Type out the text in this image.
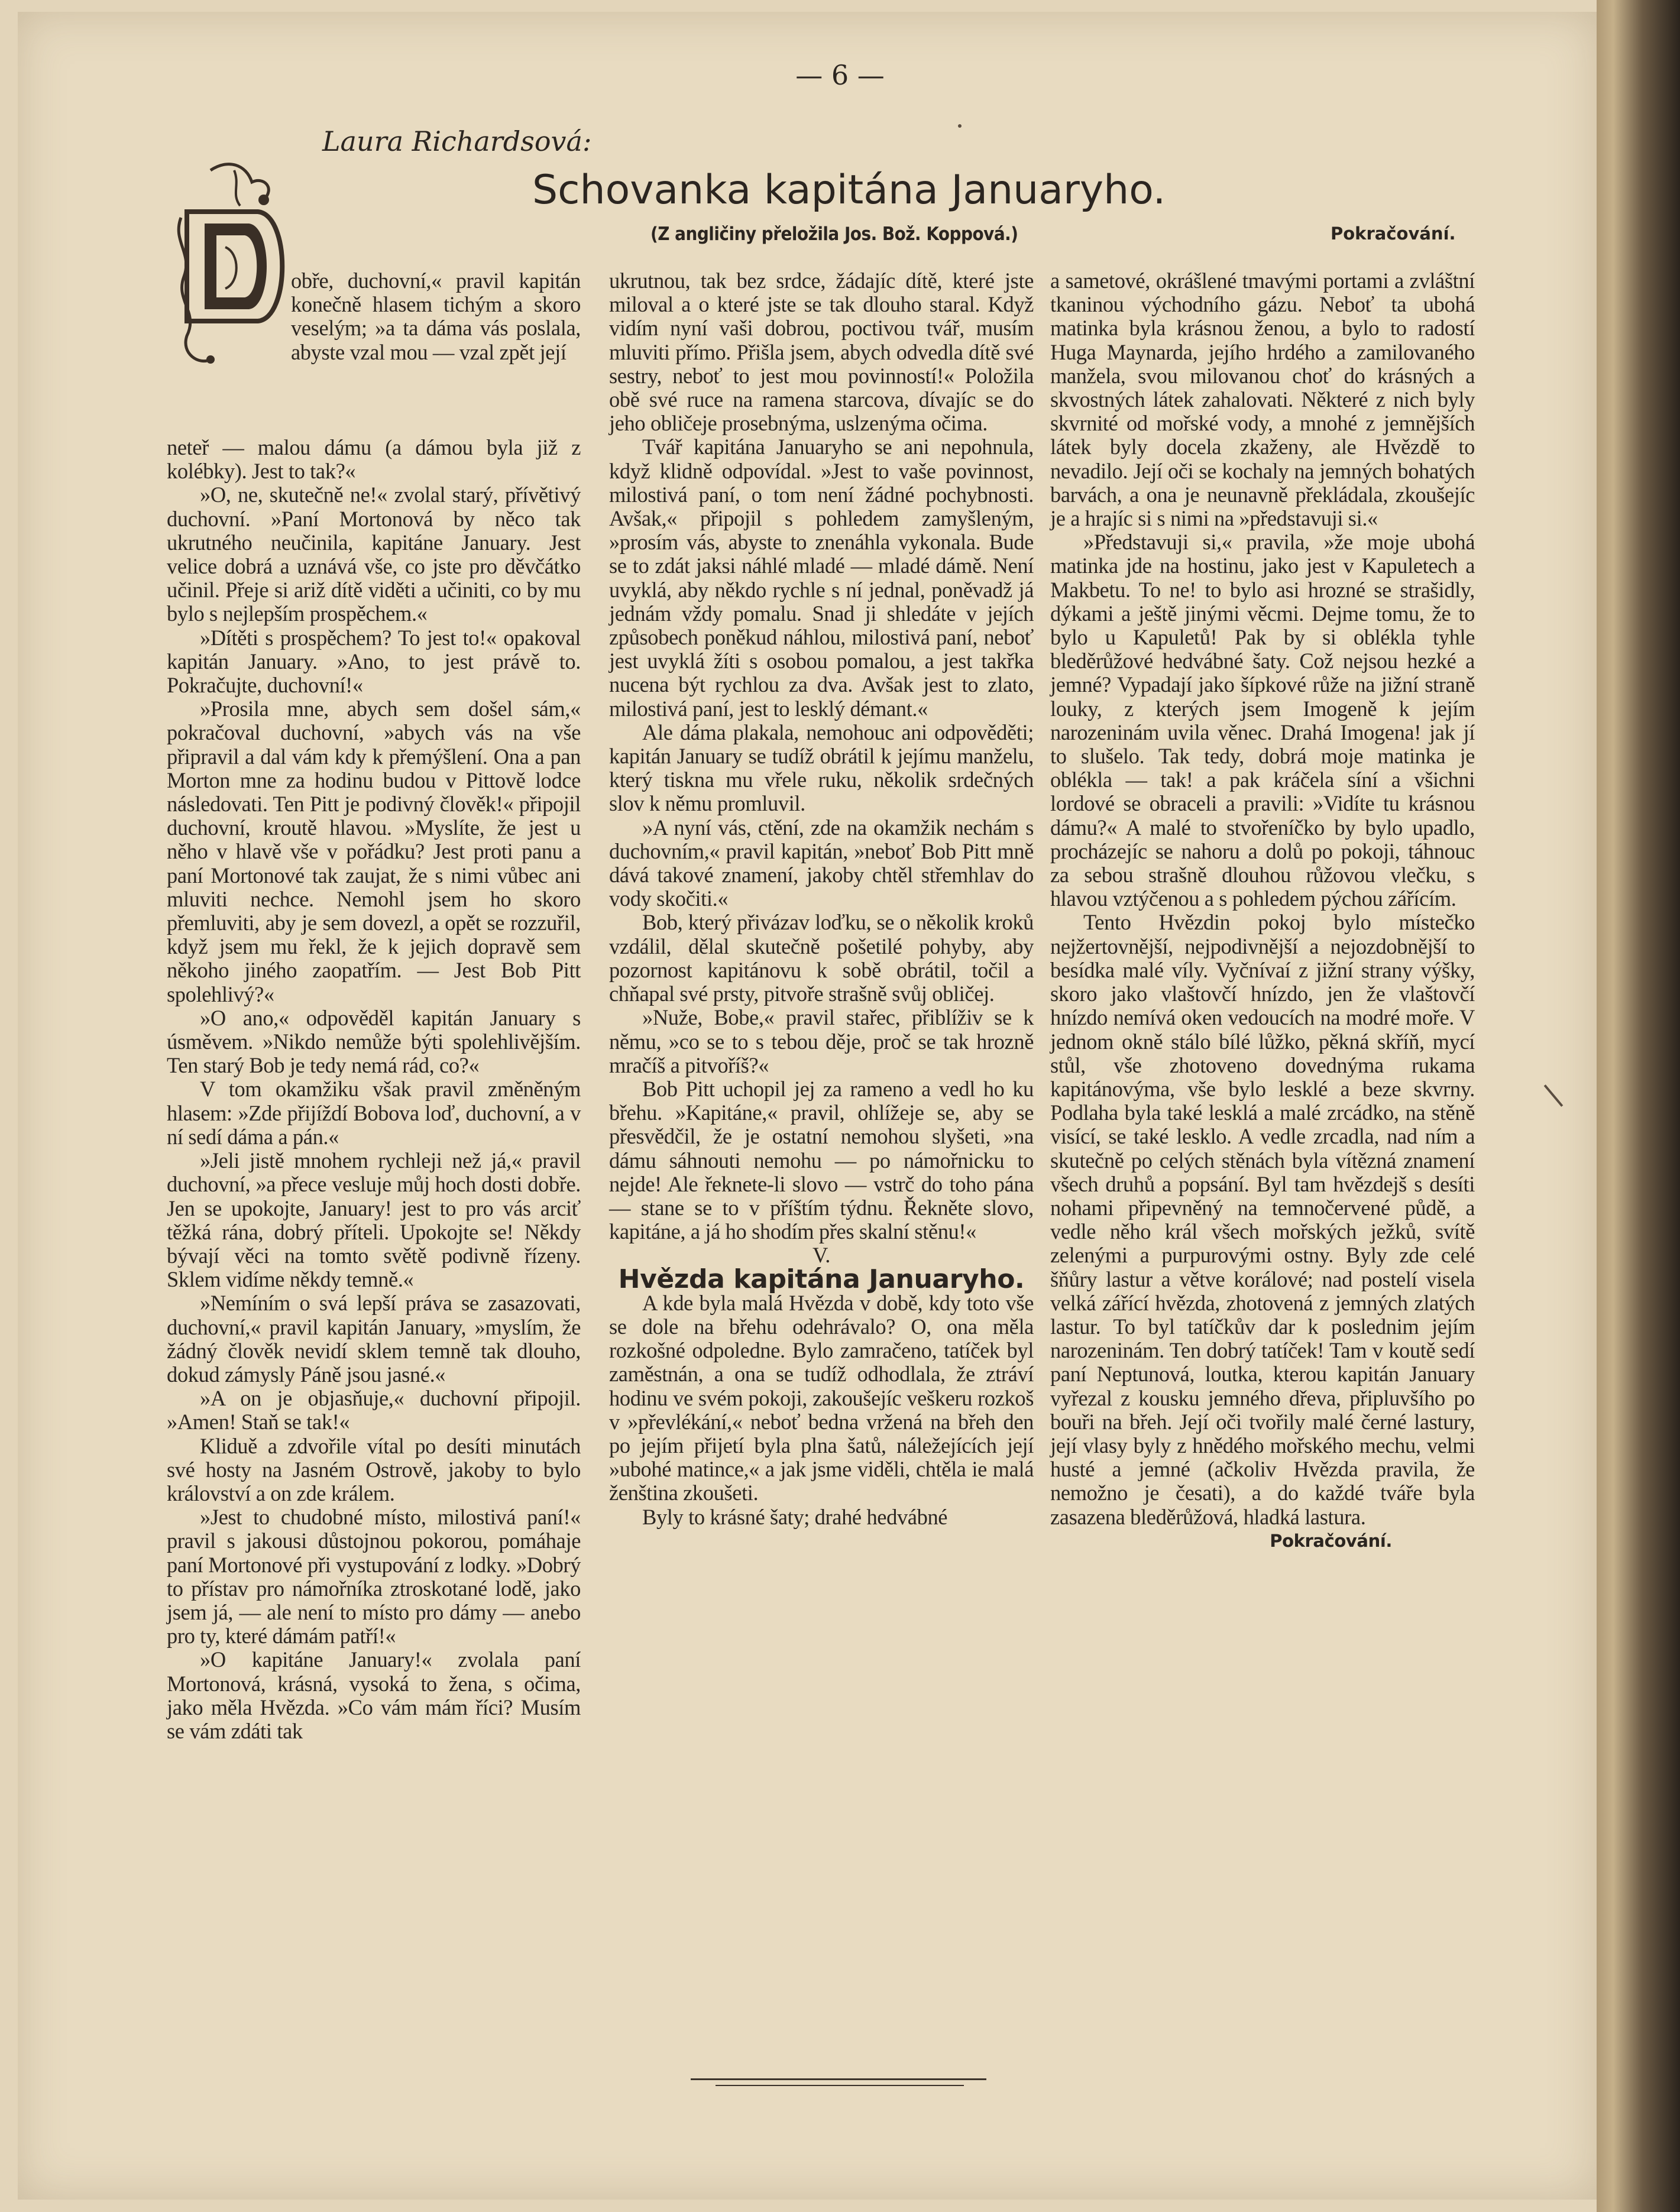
— 6 —
Laura Richardsová:
Schovanka kapitána Januaryho.
(Z angličiny přeložila Jos. Bož. Koppová.)	Pokračování.

obře, duchovní,« pravil kapitán konečně hlasem tichým a skoro veselým; »a ta dáma vás poslala, abyste vzal mou — vzal zpět její

neteř — malou dámu (a dámou byla již z kolébky). Jest to tak?«

»O, ne, skutečně ne!« zvolal starý, přívětivý duchovní. »Paní Mortonová by něco tak ukrutného neučinila, kapitáne January. Jest velice dobrá a uznává vše, co jste pro děvčátko učinil. Přeje si ariž dítě viděti a učiniti, co by mu bylo s nejlepším prospěchem.«

»Dítěti s prospěchem? To jest to!« opakoval kapitán January. »Ano, to jest právě to. Pokračujte, duchovní!«

»Prosila mne, abych sem došel sám,« pokračoval duchovní, »abych vás na vše připravil a dal vám kdy k přemýšlení. Ona a pan Morton mne za hodinu budou v Pittově lodce následovati. Ten Pitt je podivný člověk!« připojil duchovní, kroutě hlavou. »Myslíte, že jest u něho v hlavě vše v pořádku? Jest proti panu a paní Mortonové tak zaujat, že s nimi vůbec ani mluviti nechce. Nemohl jsem ho skoro přemluviti, aby je sem dovezl, a opět se rozzuřil, když jsem mu řekl, že k jejich dopravě sem někoho jiného zaopatřím. — Jest Bob Pitt spolehlivý?«

»O ano,« odpověděl kapitán January s úsměvem. »Nikdo nemůže býti spolehlivějším. Ten starý Bob je tedy nemá rád, co?«

V tom okamžiku však pravil změněným hlasem: »Zde přijíždí Bobova loď, duchovní, a v ní sedí dáma a pán.«

»Jeli jistě mnohem rychleji než já,« pravil duchovní, »a přece vesluje můj hoch dosti dobře. Jen se upokojte, January! jest to pro vás arciť těžká rána, dobrý příteli. Upokojte se! Někdy bývají věci na tomto světě podivně řízeny. Sklem vidíme někdy temně.«

»Nemíním o svá lepší práva se zasazovati, duchovní,« pravil kapitán January, »myslím, že žádný člověk nevidí sklem temně tak dlouho, dokud zámysly Páně jsou jasné.«

»A on je objasňuje,« duchovní připojil. »Amen! Staň se tak!«

Kliduě a zdvořile vítal po desíti minutách své hosty na Jasném Ostrově, jakoby to bylo království a on zde králem.

»Jest to chudobné místo, milostivá paní!« pravil s jakousi důstojnou pokorou, pomáhaje paní Mortonové při vystupování z lodky. »Dobrý to přístav pro námořníka ztroskotané lodě, jako jsem já, — ale není to místo pro dámy — anebo pro ty, které dámám patří!«

»O kapitáne January!« zvolala paní Mortonová, krásná, vysoká to žena, s očima, jako měla Hvězda. »Co vám mám říci? Musím se vám zdáti tak

ukrutnou, tak bez srdce, žádajíc dítě, které jste miloval a o které jste se tak dlouho staral. Když vidím nyní vaši dobrou, poctivou tvář, musím mluviti přímo. Přišla jsem, abych odvedla dítě své sestry, neboť to jest mou povinností!« Položila obě své ruce na ramena starcova, dívajíc se do jeho obličeje prosebnýma, uslzenýma očima.

Tvář kapitána Januaryho se ani nepohnula, když klidně odpovídal. »Jest to vaše povinnost, milostivá paní, o tom není žádné pochybnosti. Avšak,« připojil s pohledem zamyšleným, »prosím vás, abyste to znenáhla vykonala. Bude se to zdát jaksi náhlé mladé — mladé dámě. Není uvyklá, aby někdo rychle s ní jednal, poněvadž já jednám vždy pomalu. Snad ji shledáte v jejích způsobech poněkud náhlou, milostivá paní, neboť jest uvyklá žíti s osobou pomalou, a jest takřka nucena být rychlou za dva. Avšak jest to zlato, milostivá paní, jest to lesklý démant.«

Ale dáma plakala, nemohouc ani odpověděti; kapitán January se tudíž obrátil k jejímu manželu, který tiskna mu vřele ruku, několik srdečných slov k němu promluvil.

»A nyní vás, ctění, zde na okamžik nechám s duchovním,« pravil kapitán, »neboť Bob Pitt mně dává takové znamení, jakoby chtěl střemhlav do vody skočiti.«

Bob, který přivázav loďku, se o několik kroků vzdálil, dělal skutečně pošetilé pohyby, aby pozornost kapitánovu k sobě obrátil, točil a chňapal své prsty, pitvoře strašně svůj obličej.

»Nuže, Bobe,« pravil stařec, přiblíživ se k němu, »co se to s tebou děje, proč se tak hrozně mračíš a pitvoříš?«

Bob Pitt uchopil jej za rameno a vedl ho ku břehu. »Kapitáne,« pravil, ohlížeje se, aby se přesvědčil, že je ostatní nemohou slyšeti, »na dámu sáhnouti nemohu — po námořnicku to nejde! Ale řeknete-li slovo — vstrč do toho pána — stane se to v příštím týdnu. Řekněte slovo, kapitáne, a já ho shodím přes skalní stěnu!«

V.

Hvězda kapitána Januaryho.

A kde byla malá Hvězda v době, kdy toto vše se dole na břehu odehrávalo? O, ona měla rozkošné odpoledne. Bylo zamračeno, tatíček byl zaměstnán, a ona se tudíž odhodlala, že ztráví hodinu ve svém pokoji, zakoušejíc veškeru rozkoš v »převlékání,« neboť bedna vržená na břeh den po jejím přijetí byla plna šatů, náležejících její »ubohé matince,« a jak jsme viděli, chtěla ie malá ženština zkoušeti.

Byly to krásné šaty; drahé hedvábné

a sametové, okrášlené tmavými portami a zvláštní tkaninou východního gázu. Neboť ta ubohá matinka byla krásnou ženou, a bylo to radostí Huga Maynarda, jejího hrdého a zamilovaného manžela, svou milovanou choť do krásných a skvostných látek zahalovati. Některé z nich byly skvrnité od mořské vody, a mnohé z jemnějších látek byly docela zkaženy, ale Hvězdě to nevadilo. Její oči se kochaly na jemných bohatých barvách, a ona je neunavně překládala, zkoušejíc je a hrajíc si s nimi na »představuji si.«

»Představuji si,« pravila, »že moje ubohá matinka jde na hostinu, jako jest v Kapuletech a Makbetu. To ne! to bylo asi hrozné se strašidly, dýkami a ještě jinými věcmi. Dejme tomu, že to bylo u Kapuletů! Pak by si oblékla tyhle bleděrůžové hedvábné šaty. Což nejsou hezké a jemné? Vypadají jako šípkové růže na jižní straně louky, z kterých jsem Imogeně k jejím narozeninám uvila věnec. Drahá Imogena! jak jí to slušelo. Tak tedy, dobrá moje matinka je oblékla — tak! a pak kráčela síní a všichni lordové se obraceli a pravili: »Vidíte tu krásnou dámu?« A malé to stvořeníčko by bylo upadlo, procházejíc se nahoru a dolů po pokoji, táhnouc za sebou strašně dlouhou růžovou vlečku, s hlavou vztýčenou a s pohledem pýchou zářícím.

Tento Hvězdin pokoj bylo místečko nejžertovnější, nejpodivnější a nejozdobnější to besídka malé víly. Vyčnívaí z jižní strany výšky, skoro jako vlaštovčí hnízdo, jen že vlaštovčí hnízdo nemívá oken vedoucích na modré moře. V jednom okně stálo bílé lůžko, pěkná skříň, mycí stůl, vše zhotoveno dovednýma rukama kapitánovýma, vše bylo lesklé a beze skvrny. Podlaha byla také lesklá a malé zrcádko, na stěně visící, se také lesklo. A vedle zrcadla, nad ním a skutečně po celých stěnách byla vítězná znamení všech druhů a popsání. Byl tam hvězdejš s desíti nohami připevněný na temnočervené půdě, a vedle něho král všech mořských ježků, svítě zelenými a purpurovými ostny. Byly zde celé šňůry lastur a větve korálové; nad postelí visela velká zářící hvězda, zhotovená z jemných zlatých lastur. To byl tatíčkův dar k poslednim jejím narozeninám. Ten dobrý tatíček! Tam v koutě sedí paní Neptunová, loutka, kterou kapitán January vyřezal z kousku jemného dřeva, připluvšího po bouři na břeh. Její oči tvořily malé černé lastury, její vlasy byly z hnědého mořského mechu, velmi husté a jemné (ačkoliv Hvězda pravila, že nemožno je česati), a do každé tváře byla zasazena bleděrůžová, hladká lastura.

Pokračování.
